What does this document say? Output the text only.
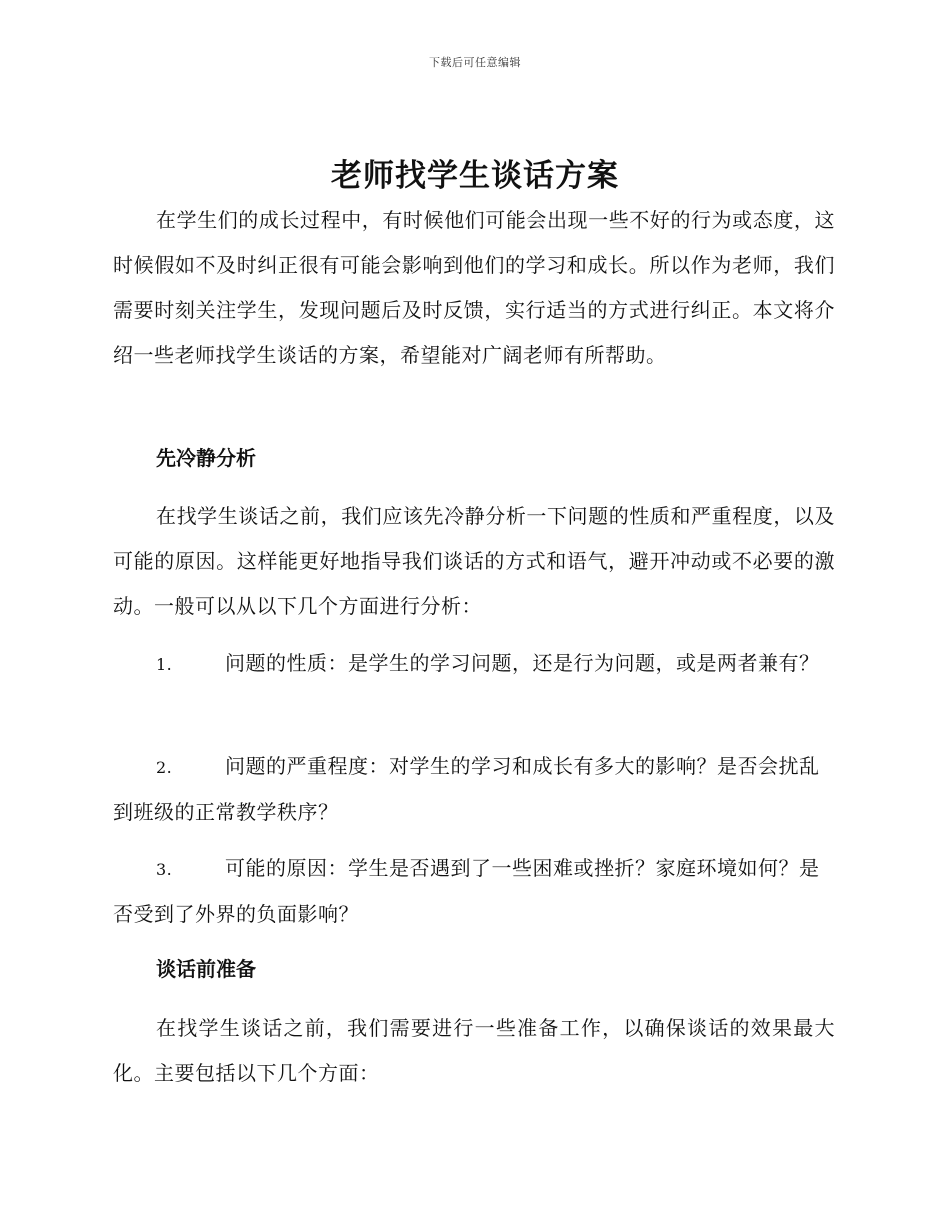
下载后可任意编辑
老师找学生谈话方案

在学生们的成长过程中，有时候他们可能会出现一些不好的行为或态度，这时候假如不及时纠正很有可能会影响到他们的学习和成长。所以作为老师，我们需要时刻关注学生，发现问题后及时反馈，实行适当的方式进行纠正。本文将介绍一些老师找学生谈话的方案，希望能对广阔老师有所帮助。

先冷静分析

在找学生谈话之前，我们应该先冷静分析一下问题的性质和严重程度，以及可能的原因。这样能更好地指导我们谈话的方式和语气，避开冲动或不必要的激动。一般可以从以下几个方面进行分析：

1.	问题的性质：是学生的学习问题，还是行为问题，或是两者兼有？

2.	问题的严重程度：对学生的学习和成长有多大的影响？是否会扰乱到班级的正常教学秩序？

3.	可能的原因：学生是否遇到了一些困难或挫折？家庭环境如何？是否受到了外界的负面影响？

谈话前准备

在找学生谈话之前，我们需要进行一些准备工作，以确保谈话的效果最大化。主要包括以下几个方面：
